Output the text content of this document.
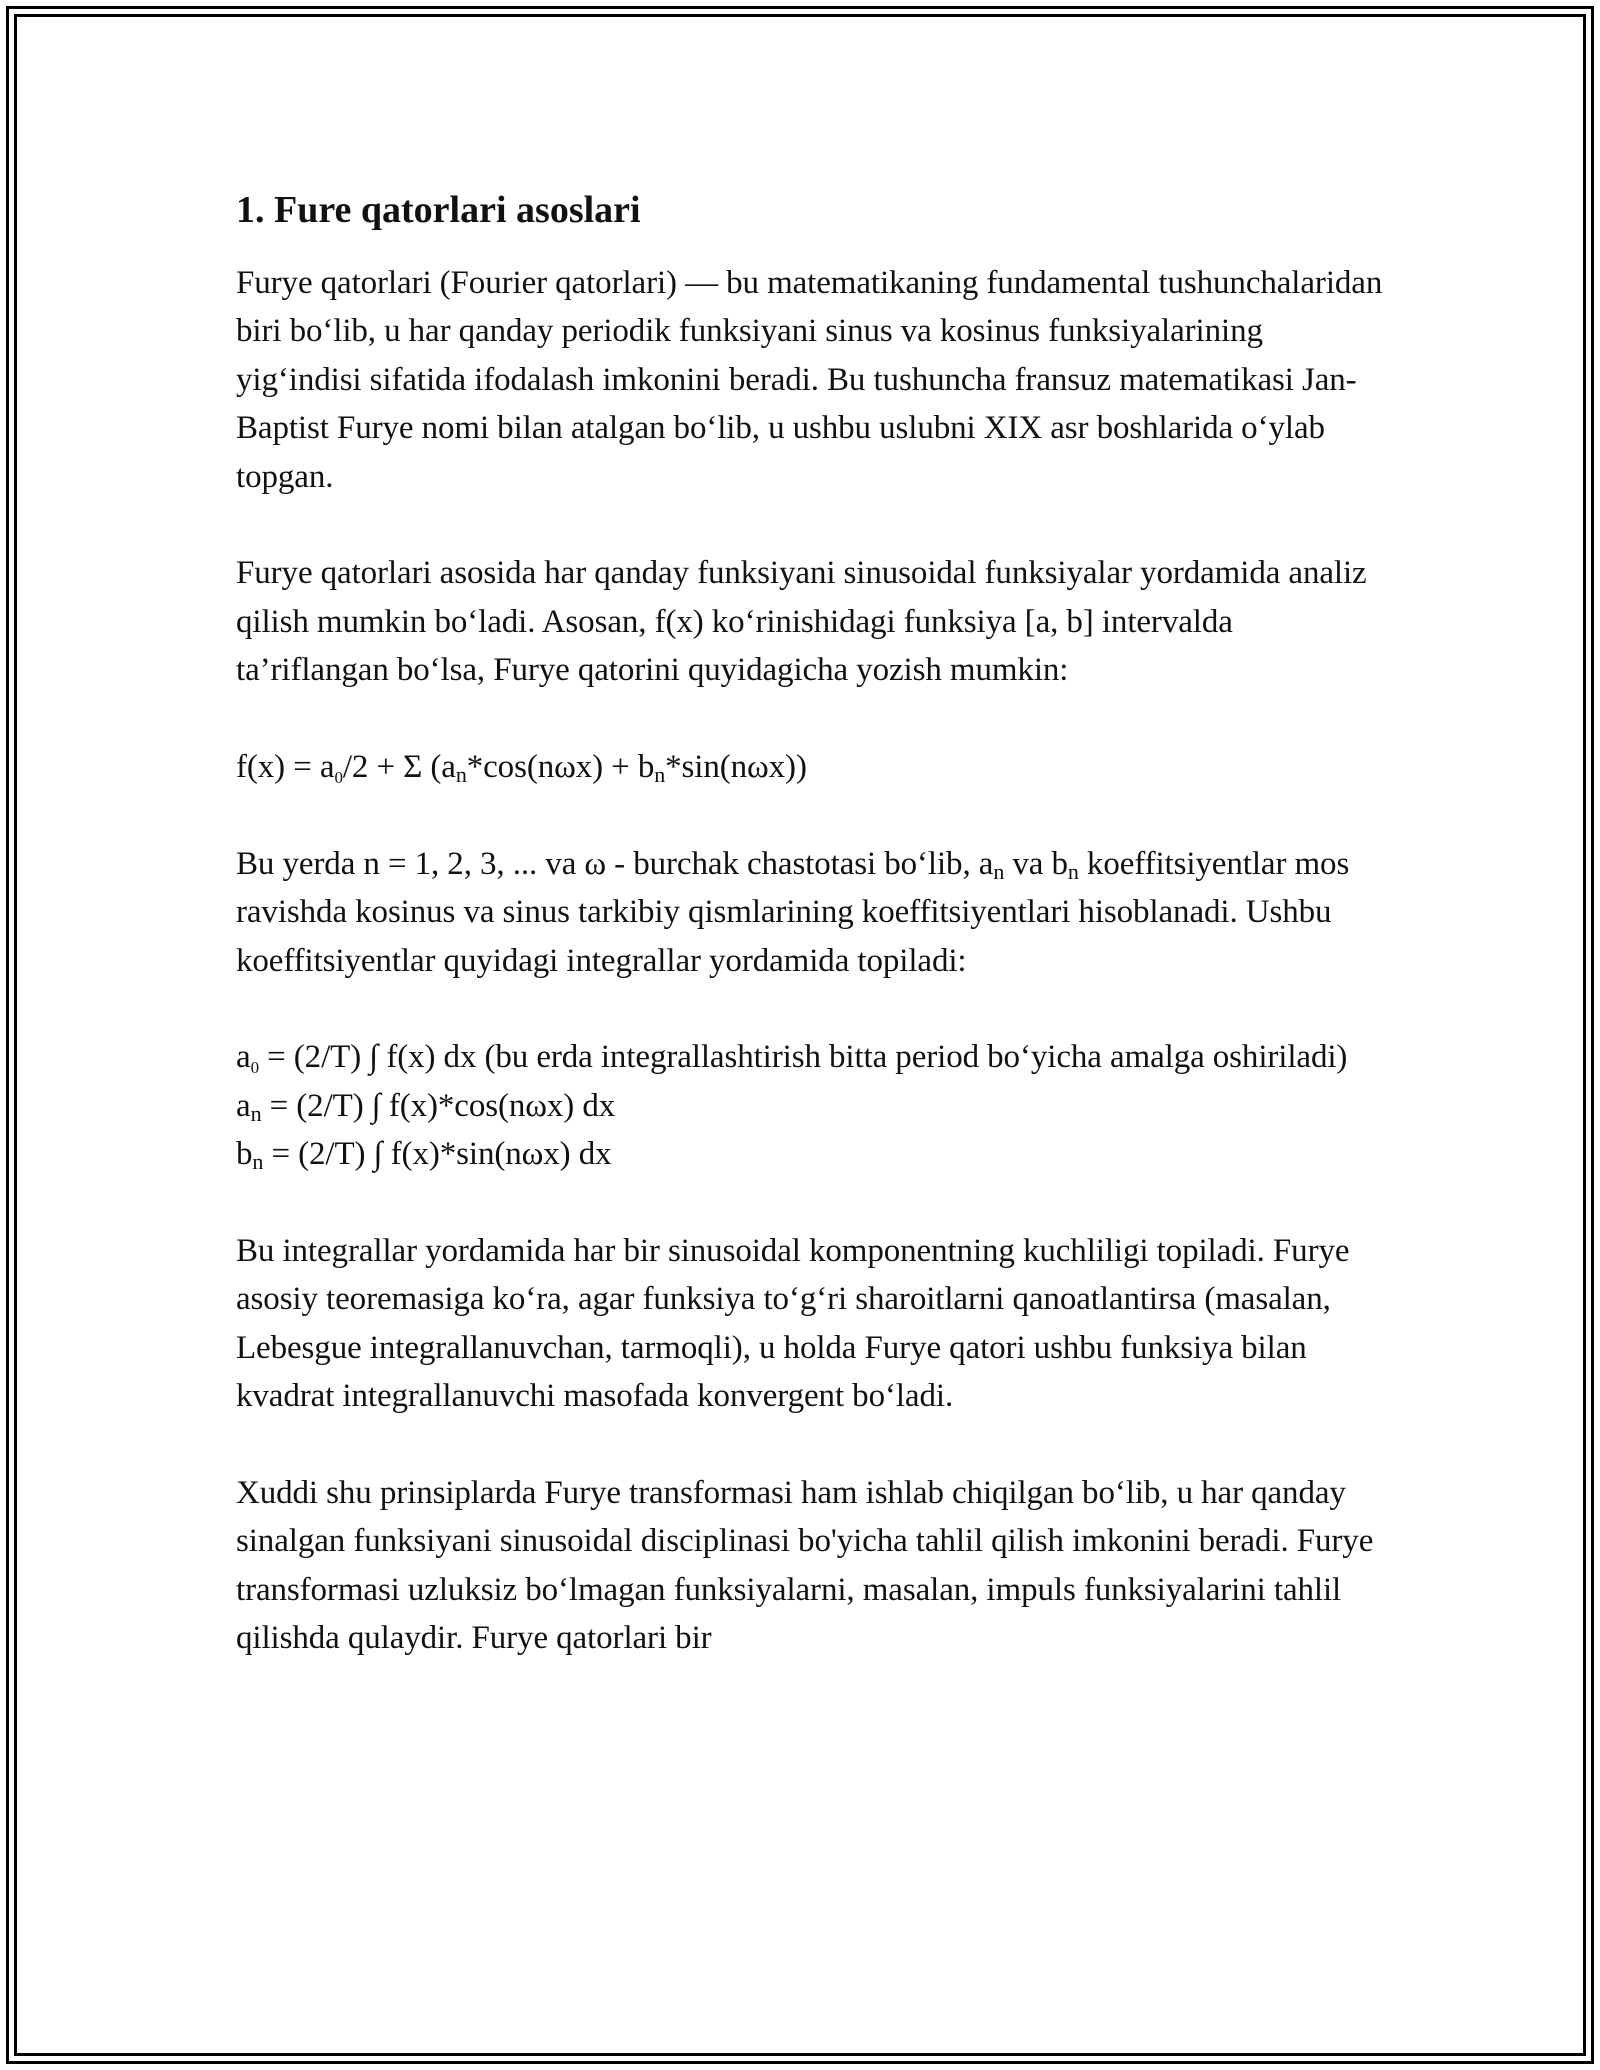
1. Fure qatorlari asoslari

Furye qatorlari (Fourier qatorlari) — bu matematikaning fundamental tushunchalaridan biri bo‘lib, u har qanday periodik funksiyani sinus va kosinus funksiyalarining yig‘indisi sifatida ifodalash imkonini beradi. Bu tushuncha fransuz matematikasi Jan-Baptist Furye nomi bilan atalgan bo‘lib, u ushbu uslubni XIX asr boshlarida o‘ylab topgan.

Furye qatorlari asosida har qanday funksiyani sinusoidal funksiyalar yordamida analiz qilish mumkin bo‘ladi. Asosan, f(x) ko‘rinishidagi funksiya [a, b] intervalda ta’riflangan bo‘lsa, Furye qatorini quyidagicha yozish mumkin:

$f(x) = a_0/2 + \Sigma$ $(a_n*\cos(n\omega x) + b_n*\sin(n\omega x))$

Bu yerda n = 1, 2, 3, ... va ω - burchak chastotasi bo‘lib, $a_n$ va $b_n$ koeffitsiyentlar mos ravishda kosinus va sinus tarkibiy qismlarining koeffitsiyentlari hisoblanadi. Ushbu koeffitsiyentlar quyidagi integrallar yordamida topiladi:

$a_0 = (2/T)$ ∫ f(x) dx (bu erda integrallashtirish bitta period bo‘yicha amalga oshiriladi)
$a_n = (2/T)$ ∫ f(x)*cos(nωx) dx
$b_n = (2/T)$ ∫ f(x)*sin(nωx) dx

Bu integrallar yordamida har bir sinusoidal komponentning kuchliligi topiladi. Furye asosiy teoremasiga ko‘ra, agar funksiya to‘g‘ri sharoitlarni qanoatlantirsa (masalan, Lebesgue integrallanuvchan, tarmoqli), u holda Furye qatori ushbu funksiya bilan kvadrat integrallanuvchi masofada konvergent bo‘ladi.

Xuddi shu prinsiplarda Furye transformasi ham ishlab chiqilgan bo‘lib, u har qanday sinalgan funksiyani sinusoidal disciplinasi bo'yicha tahlil qilish imkonini beradi. Furye transformasi uzluksiz bo‘lmagan funksiyalarni, masalan, impuls funksiyalarini tahlil qilishda qulaydir. Furye qatorlari bir
